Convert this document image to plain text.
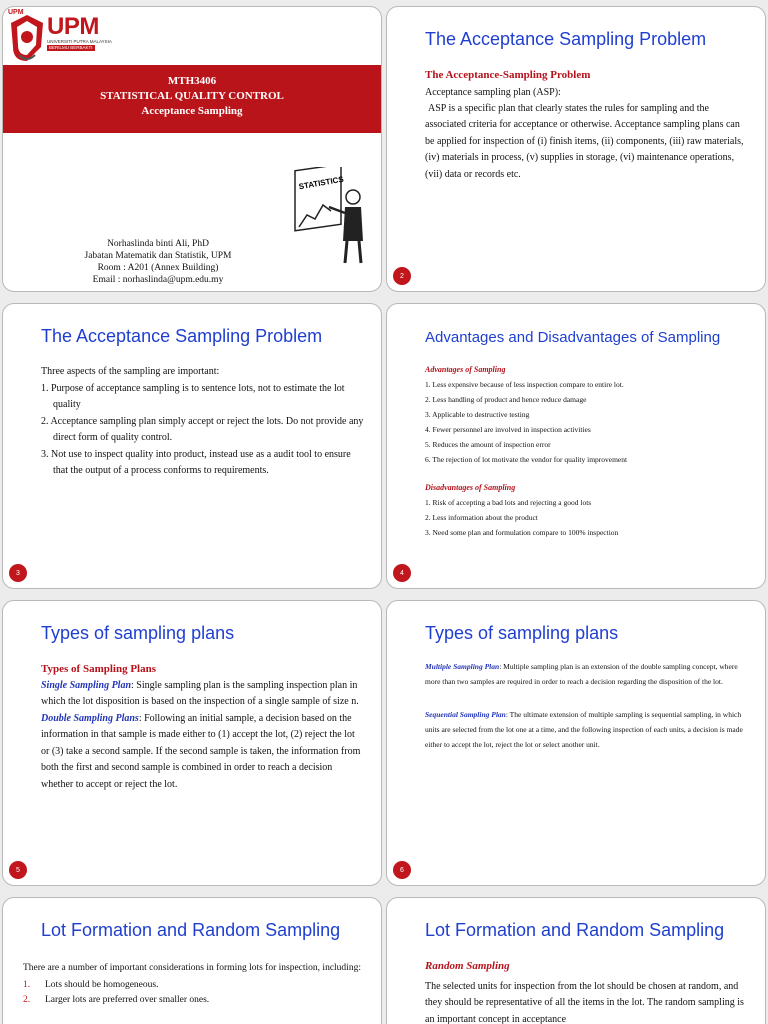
UPM
UPM
UNIVERSITI PUTRA MALAYSIA
BERILMU BERBAKTI
MTH3406
STATISTICAL QUALITY CONTROL
Acceptance Sampling
Norhaslinda binti Ali, PhD
Jabatan Matematik dan Statistik, UPM
Room : A201 (Annex Building)
Email : norhaslinda@upm.edu.my
STATISTICS
The Acceptance Sampling Problem
The Acceptance-Sampling Problem
Acceptance sampling plan (ASP):
ASP is a specific plan that clearly states the rules for sampling and the associated criteria for acceptance or otherwise. Acceptance sampling plans can be applied for inspection of (i) finish items, (ii) components, (iii) raw materials, (iv) materials in process, (v) supplies in storage, (vi) maintenance operations, (vii) data or records etc.
2
The Acceptance Sampling Problem
Three aspects of the sampling are important:
1. Purpose of acceptance sampling is to sentence lots, not to estimate the lot quality
2. Acceptance sampling plan simply accept or reject the lots. Do not provide any direct form of quality control.
3. Not use to inspect quality into product, instead use as a audit tool to ensure that the output of a process conforms to requirements.
3
Advantages and Disadvantages of Sampling
Advantages of Sampling
1. Less expensive because of less inspection compare to entire lot.
2. Less handling of product and hence reduce damage
3. Applicable to destructive testing
4. Fewer personnel are involved in inspection activities
5. Reduces the amount of inspection error
6. The rejection of lot motivate the vendor for quality improvement
Disadvantages of Sampling
1. Risk of accepting a bad lots and rejecting a good lots
2. Less information about the product
3. Need some plan and formulation compare to 100% inspection
4
Types of sampling plans
Types of Sampling Plans
Single Sampling Plan: Single sampling plan is the sampling inspection plan in which the lot disposition is based on the inspection of a single sample of size n.
Double Sampling Plans: Following an initial sample, a decision based on the information in that sample is made either to (1) accept the lot, (2) reject the lot or (3) take a second sample. If the second sample is taken, the information from both the first and second sample is combined in order to reach a decision whether to accept or reject the lot.
5
Types of sampling plans
Multiple Sampling Plan: Multiple sampling plan is an extension of the double sampling concept, where more than two samples are required in order to reach a decision regarding the disposition of the lot.
Sequential Sampling Plan: The ultimate extension of multiple sampling is sequential sampling, in which units are selected from the lot one at a time, and the following inspection of each units, a decision is made either to accept the lot, reject the lot or select another unit.
6
Lot Formation and Random Sampling
There are a number of important considerations in forming lots for inspection, including:
1. Lots should be homogeneous.
2. Larger lots are preferred over smaller ones.
Lot Formation and Random Sampling
Random Sampling
The selected units for inspection from the lot should be chosen at random, and they should be representative of all the items in the lot. The random sampling is an important concept in acceptance
